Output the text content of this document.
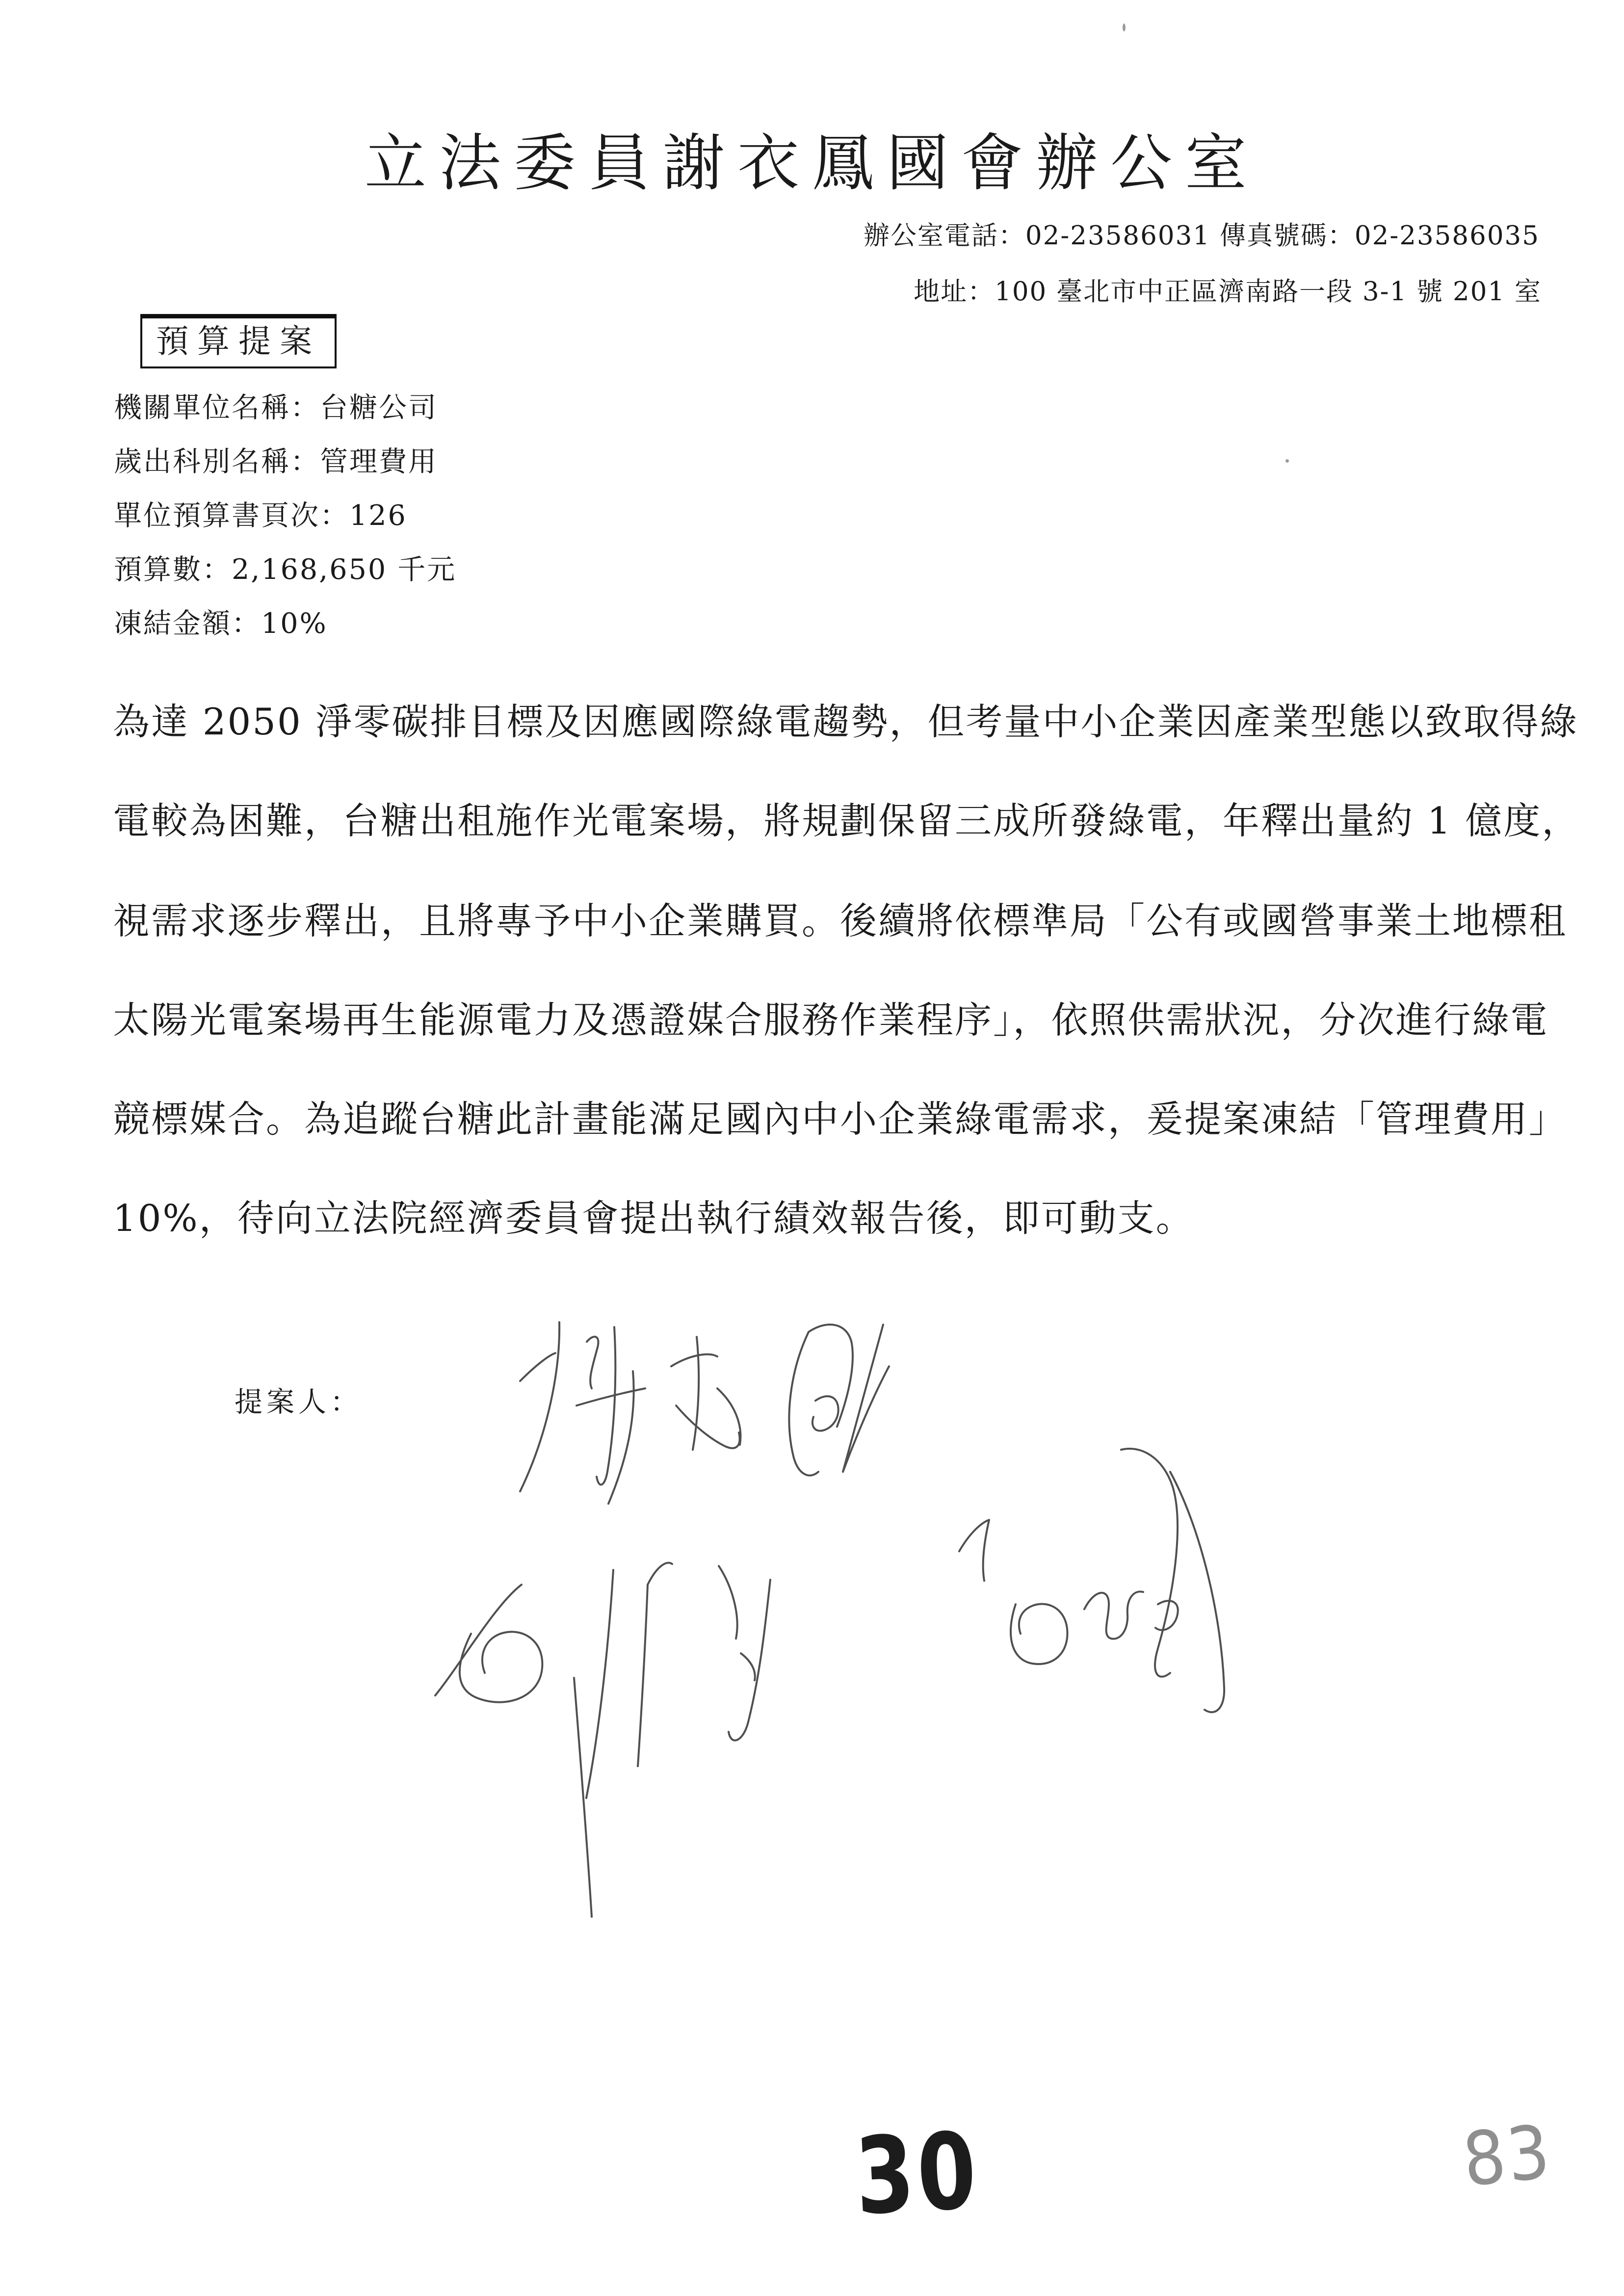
立法委員謝衣鳳國會辦公室
辦公室電話：02-23586031 傳真號碼：02-23586035
地址：100 臺北市中正區濟南路一段 3-1 號 201 室
預算提案
機關單位名稱：台糖公司
歲出科別名稱：管理費用
單位預算書頁次：126
預算數：2,168,650 千元
凍結金額：10%
為達 2050 淨零碳排目標及因應國際綠電趨勢，但考量中小企業因產業型態以致取得綠
電較為困難，台糖出租施作光電案場，將規劃保留三成所發綠電，年釋出量約 1 億度，
視需求逐步釋出，且將專予中小企業購買。後續將依標準局「公有或國營事業土地標租
太陽光電案場再生能源電力及憑證媒合服務作業程序」，依照供需狀況，分次進行綠電
競標媒合。為追蹤台糖此計畫能滿足國內中小企業綠電需求，爰提案凍結「管理費用」
10%，待向立法院經濟委員會提出執行績效報告後，即可動支。
提案人：
30	83
